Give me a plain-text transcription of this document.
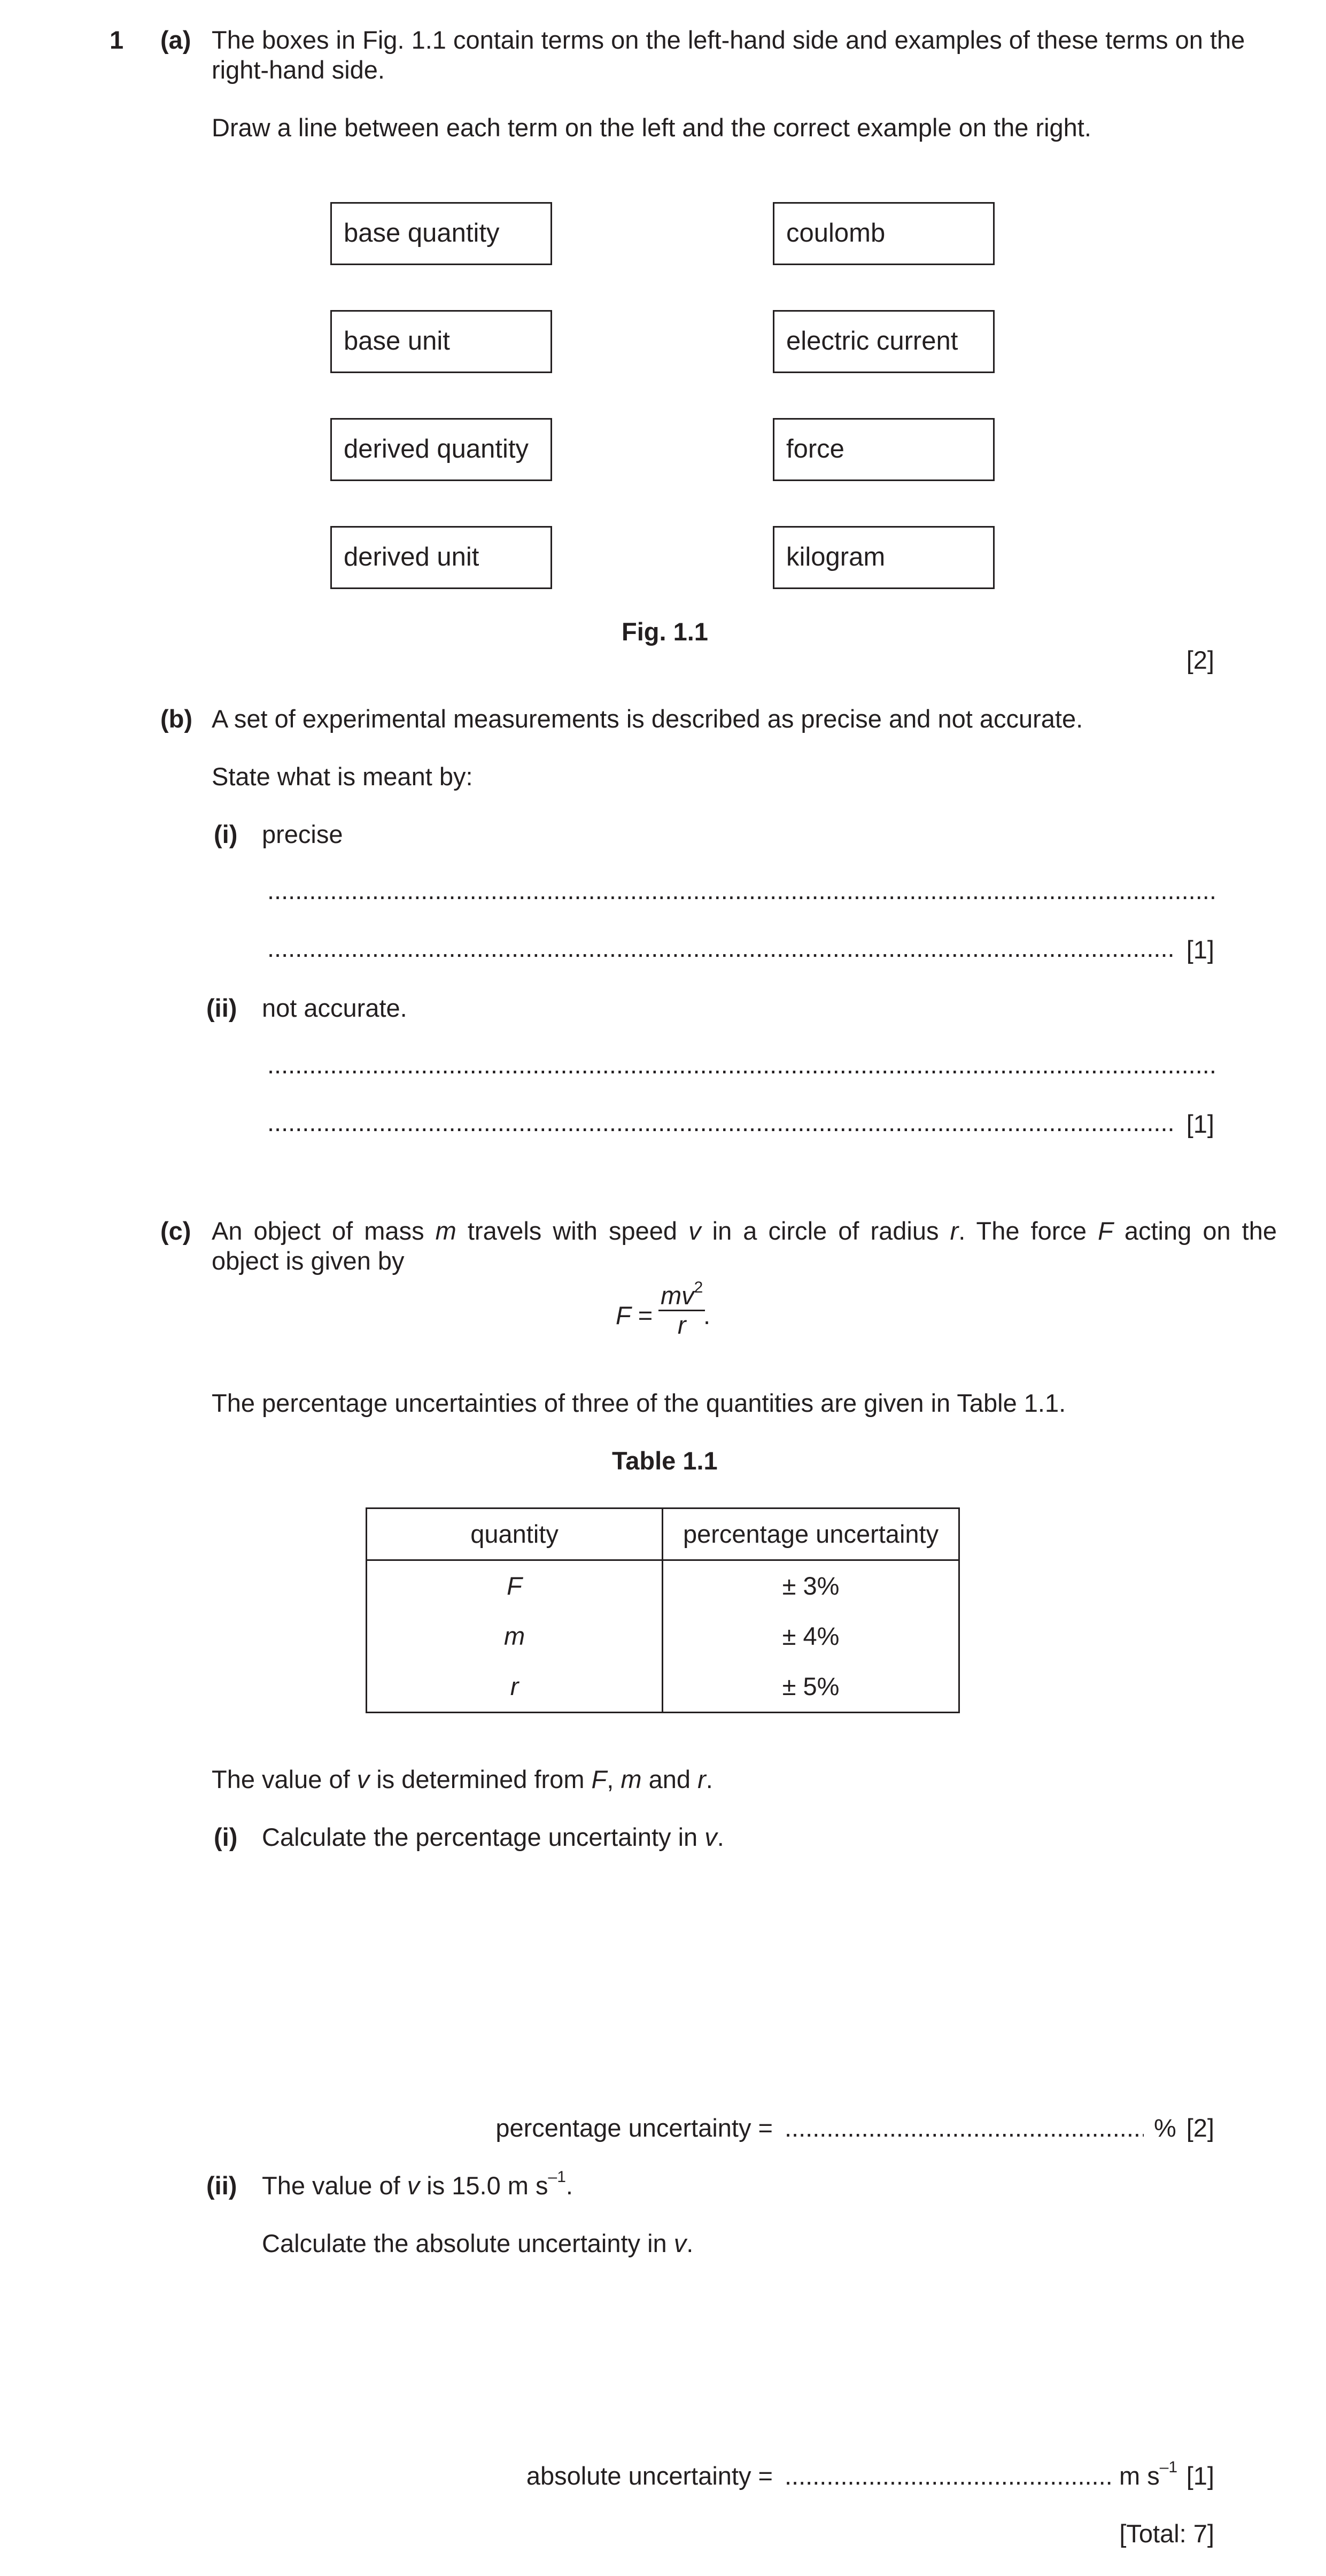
1 (a) The boxes in Fig. 1.1 contain terms on the left-hand side and examples of these terms on the
right-hand side.
Draw a line between each term on the left and the correct example on the right.
base quantity
base unit
derived quantity
derived unit
coulomb
electric current
force
kilogram
Fig. 1.1
[2]
(b) A set of experimental measurements is described as precise and not accurate.
State what is meant by:
(i) precise
.....
.....
[1]
(ii) not accurate.
.....
.....
[1]
(c) An object of mass m travels with speed v in a circle of radius r. The force F acting on the
object is given by
$F = \frac{mv^2}{r}$
.
The percentage uncertainties of three of the quantities are given in Table 1.1.
Table 1.1
quantity	percentage uncertainty
F	± 3%
m	± 4%
r	± 5%
The value of v is determined from F, m and r.
(i) Calculate the percentage uncertainty in v.
percentage uncertainty = .....	% [2]
(ii) The value of v is 15.0 m $s^{-1}$.
Calculate the absolute uncertainty in v.
absolute uncertainty = .....	m $s^{-1}$ [1]
[Total: 7]
